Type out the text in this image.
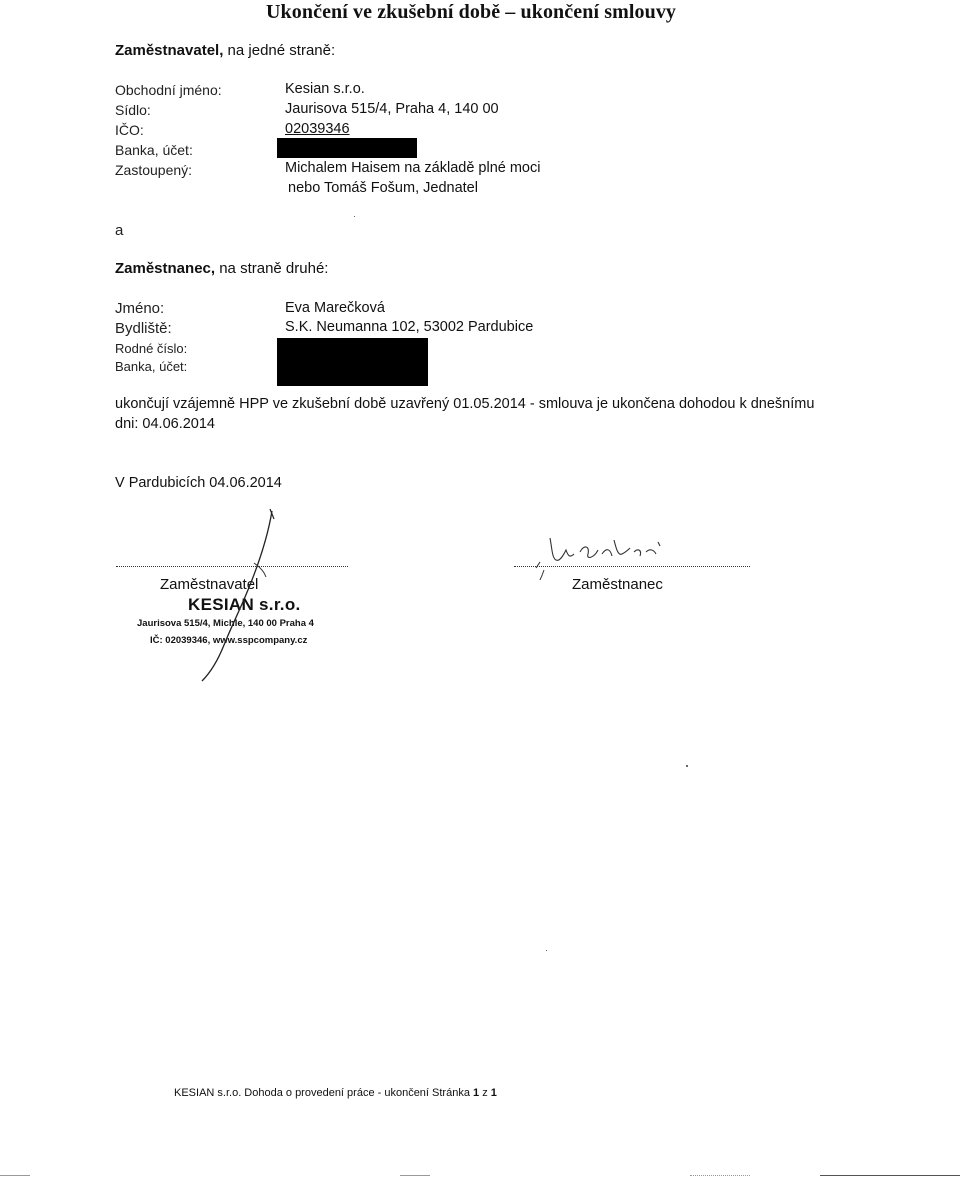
Ukončení ve zkušební době – ukončení smlouvy
Zaměstnavatel, na jedné straně:
Obchodní jméno:
Sídlo:
IČO:
Banka, účet:
Zastoupený:
Kesian s.r.o.
Jaurisova 515/4, Praha 4, 140 00
02039346
Michalem Haisem na základě plné moci
nebo Tomáš Fošum, Jednatel
a
Zaměstnanec, na straně druhé:
Jméno:
Bydliště:
Rodné číslo:
Banka, účet:
Eva Marečková
S.K. Neumanna 102, 53002 Pardubice
ukončují vzájemně HPP ve zkušební době uzavřený 01.05.2014 - smlouva je ukončena dohodou k dnešnímu
dni: 04.06.2014
V Pardubicích 04.06.2014
Zaměstnavatel
KESIAN s.r.o.
Jaurisova 515/4, Michle, 140 00 Praha 4
IČ: 02039346, www.sspcompany.cz
Zaměstnanec
KESIAN s.r.o. Dohoda o provedení práce - ukončení Stránka 1 z 1
